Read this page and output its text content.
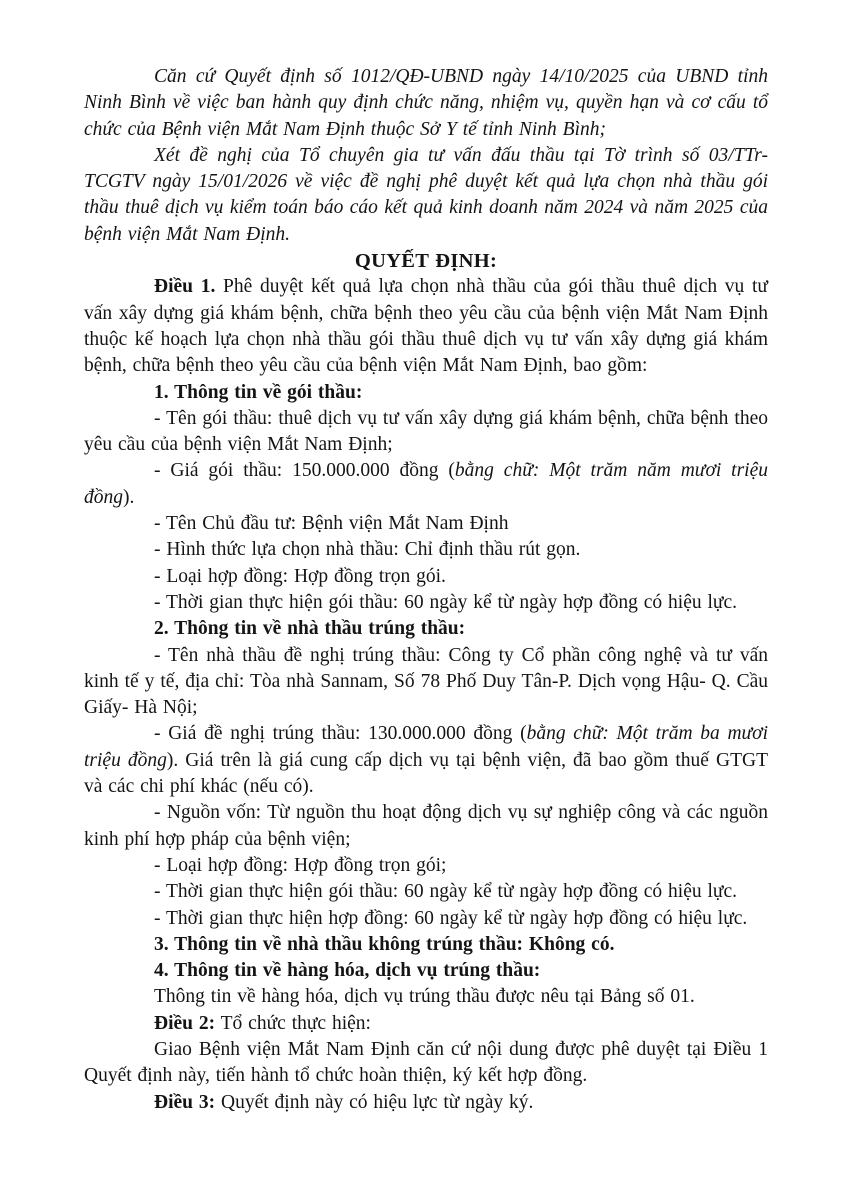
Căn cứ Quyết định số 1012/QĐ-UBND ngày 14/10/2025 của UBND tỉnh Ninh Bình về việc ban hành quy định chức năng, nhiệm vụ, quyền hạn và cơ cấu tổ chức của Bệnh viện Mắt Nam Định thuộc Sở Y tế tỉnh Ninh Bình;

Xét đề nghị của Tổ chuyên gia tư vấn đấu thầu tại Tờ trình số 03/TTr-TCGTV ngày 15/01/2026 về việc đề nghị phê duyệt kết quả lựa chọn nhà thầu gói thầu thuê dịch vụ kiểm toán báo cáo kết quả kinh doanh năm 2024 và năm 2025 của bệnh viện Mắt Nam Định.

QUYẾT ĐỊNH:

Điều 1. Phê duyệt kết quả lựa chọn nhà thầu của gói thầu thuê dịch vụ tư vấn xây dựng giá khám bệnh, chữa bệnh theo yêu cầu của bệnh viện Mắt Nam Định thuộc kế hoạch lựa chọn nhà thầu gói thầu thuê dịch vụ tư vấn xây dựng giá khám bệnh, chữa bệnh theo yêu cầu của bệnh viện Mắt Nam Định, bao gồm:

1. Thông tin về gói thầu:

- Tên gói thầu: thuê dịch vụ tư vấn xây dựng giá khám bệnh, chữa bệnh theo yêu cầu của bệnh viện Mắt Nam Định;

- Giá gói thầu: 150.000.000 đồng (bằng chữ: Một trăm năm mươi triệu đồng).

- Tên Chủ đầu tư: Bệnh viện Mắt Nam Định

- Hình thức lựa chọn nhà thầu: Chỉ định thầu rút gọn.

- Loại hợp đồng: Hợp đồng trọn gói.

- Thời gian thực hiện gói thầu: 60 ngày kể từ ngày hợp đồng có hiệu lực.

2. Thông tin về nhà thầu trúng thầu:

- Tên nhà thầu đề nghị trúng thầu: Công ty Cổ phần công nghệ và tư vấn kinh tế y tế, địa chỉ: Tòa nhà Sannam, Số 78 Phố Duy Tân-P. Dịch vọng Hậu- Q. Cầu Giấy- Hà Nội;

- Giá đề nghị trúng thầu: 130.000.000 đồng (bằng chữ: Một trăm ba mươi triệu đồng). Giá trên là giá cung cấp dịch vụ tại bệnh viện, đã bao gồm thuế GTGT và các chi phí khác (nếu có).

- Nguồn vốn: Từ nguồn thu hoạt động dịch vụ sự nghiệp công và các nguồn kinh phí hợp pháp của bệnh viện;

- Loại hợp đồng: Hợp đồng trọn gói;

- Thời gian thực hiện gói thầu: 60 ngày kể từ ngày hợp đồng có hiệu lực.

- Thời gian thực hiện hợp đồng: 60 ngày kể từ ngày hợp đồng có hiệu lực.

3. Thông tin về nhà thầu không trúng thầu: Không có.

4. Thông tin về hàng hóa, dịch vụ trúng thầu:

Thông tin về hàng hóa, dịch vụ trúng thầu được nêu tại Bảng số 01.

Điều 2: Tổ chức thực hiện:

Giao Bệnh viện Mắt Nam Định căn cứ nội dung được phê duyệt tại Điều 1 Quyết định này, tiến hành tổ chức hoàn thiện, ký kết hợp đồng.

Điều 3: Quyết định này có hiệu lực từ ngày ký.
